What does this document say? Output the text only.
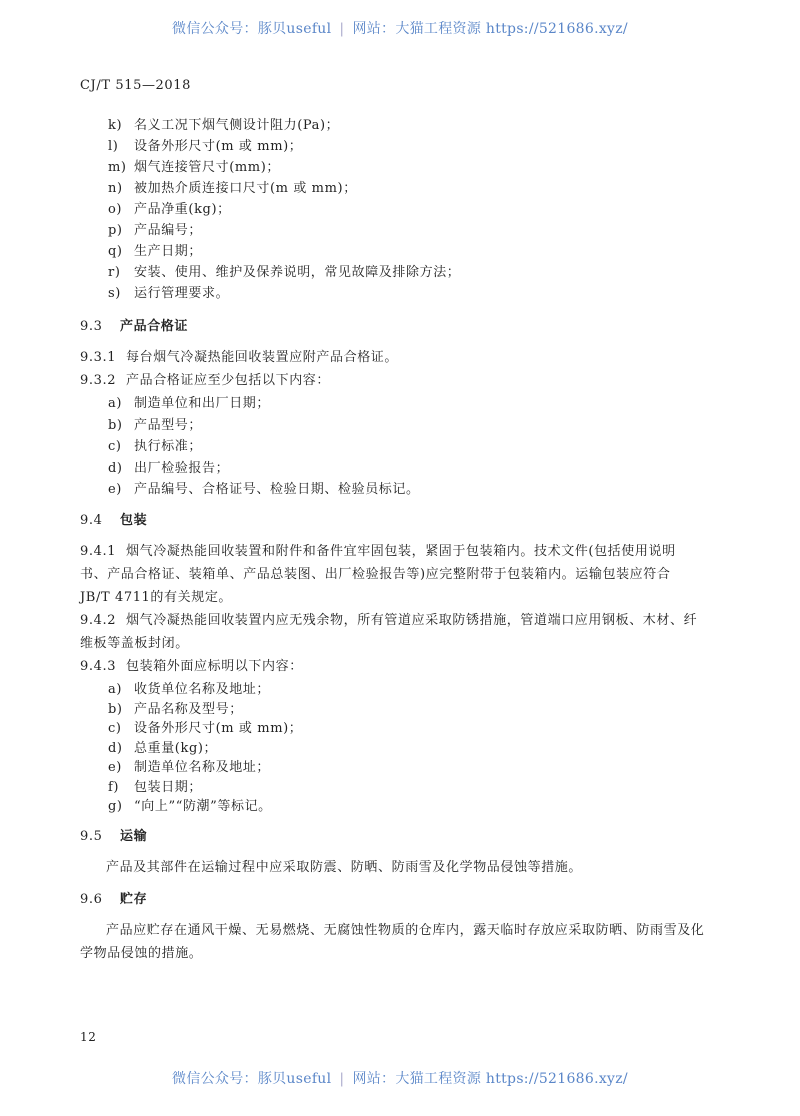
微信公众号：豚贝useful | 网站：大猫工程资源 https://521686.xyz/
CJ/T 515—2018
k) 名义工况下烟气侧设计阻力(Pa)；
l) 设备外形尺寸(m 或 mm)；
m) 烟气连接管尺寸(mm)；
n) 被加热介质连接口尺寸(m 或 mm)；
o) 产品净重(kg)；
p) 产品编号；
q) 生产日期；
r) 安装、使用、维护及保养说明，常见故障及排除方法；
s) 运行管理要求。
9.3 产品合格证
9.3.1 每台烟气冷凝热能回收装置应附产品合格证。
9.3.2 产品合格证应至少包括以下内容：
a) 制造单位和出厂日期；
b) 产品型号；
c) 执行标准；
d) 出厂检验报告；
e) 产品编号、合格证号、检验日期、检验员标记。
9.4 包装
9.4.1 烟气冷凝热能回收装置和附件和备件宜牢固包装，紧固于包装箱内。技术文件(包括使用说明
书、产品合格证、装箱单、产品总装图、出厂检验报告等)应完整附带于包装箱内。运输包装应符合
JB/T 4711的有关规定。
9.4.2 烟气冷凝热能回收装置内应无残余物，所有管道应采取防锈措施，管道端口应用钢板、木材、纤
维板等盖板封闭。
9.4.3 包装箱外面应标明以下内容：
a) 收货单位名称及地址；
b) 产品名称及型号；
c) 设备外形尺寸(m 或 mm)；
d) 总重量(kg)；
e) 制造单位名称及地址；
f) 包装日期；
g) “向上”“防潮”等标记。
9.5 运输
产品及其部件在运输过程中应采取防震、防晒、防雨雪及化学物品侵蚀等措施。
9.6 贮存
产品应贮存在通风干燥、无易燃烧、无腐蚀性物质的仓库内，露天临时存放应采取防晒、防雨雪及化
学物品侵蚀的措施。
12
微信公众号：豚贝useful | 网站：大猫工程资源 https://521686.xyz/
